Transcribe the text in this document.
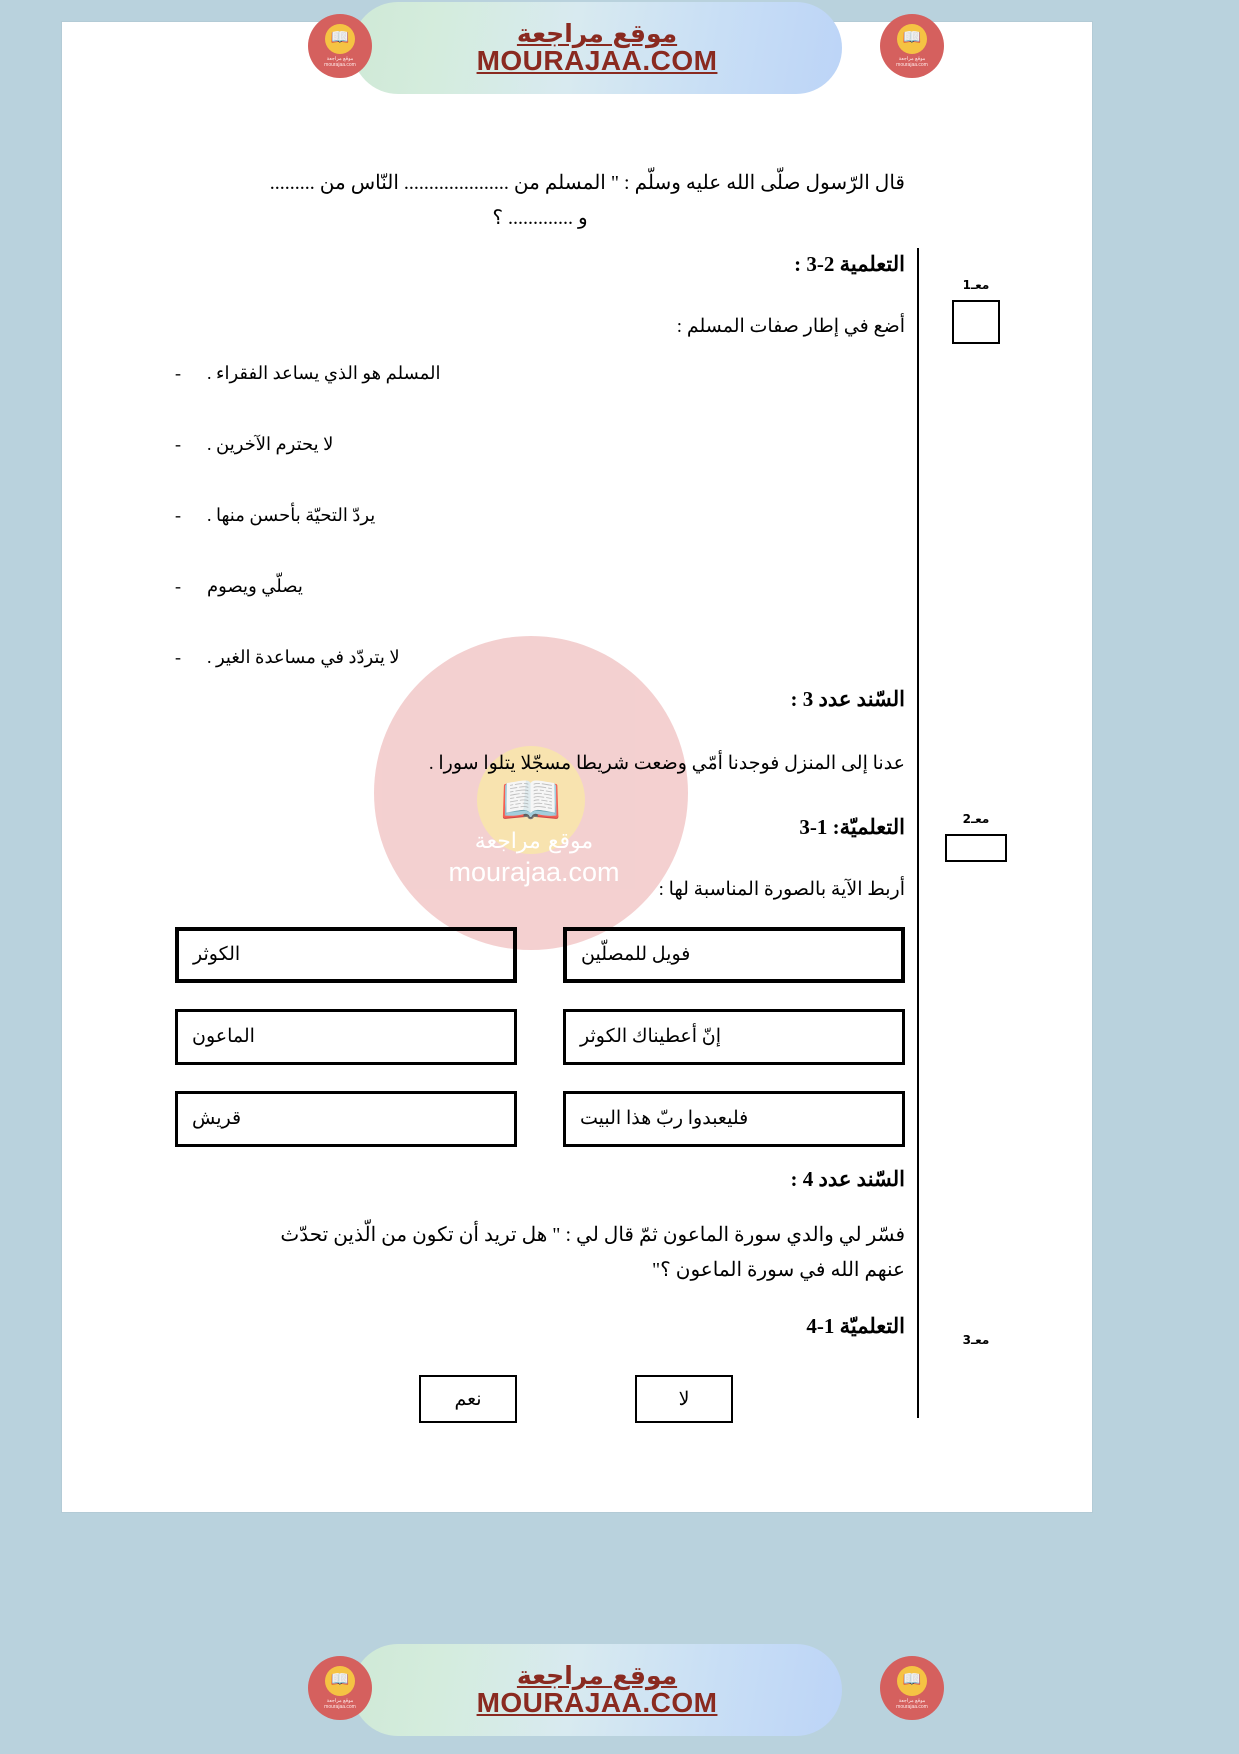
موقع مراجعة
MOURAJAA.COM
📖
موقع مراجعة
mourajaa.com
📖
موقع مراجعة
mourajaa.com
📖
موقع مراجعة
mourajaa.com
معـ1
معـ2
معـ3

قال الرّسول صلّى الله عليه وسلّم : " المسلم من ..................... النّاس من .........

و ............. ؟

التعلمية 2-3 :

أضع في إطار صفات المسلم :

المسلم هو الذي يساعد الفقراء .
-
لا يحترم الآخرين .
-
يردّ التحيّة بأحسن منها .
-
يصلّي ويصوم
-
لا يتردّد في مساعدة الغير .
-
السّند عدد 3 :

عدنا إلى المنزل فوجدنا أمّي وضعت شريطا مسجّلا يتلوا سورا .

التعلميّة: 1-3

أربط الآية بالصورة المناسبة لها :

فويل للمصلّين
الكوثر
إنّ أعطيناك الكوثر
الماعون
فليعبدوا ربّ هذا البيت
قريش
السّند عدد 4 :

فسّر لي والدي سورة الماعون ثمّ قال لي : " هل تريد أن تكون من الّذين تحدّث

عنهم الله في سورة الماعون ؟"

التعلميّة 1-4
لا
نعم
موقع مراجعة
MOURAJAA.COM
📖
موقع مراجعة
mourajaa.com
📖
موقع مراجعة
mourajaa.com
